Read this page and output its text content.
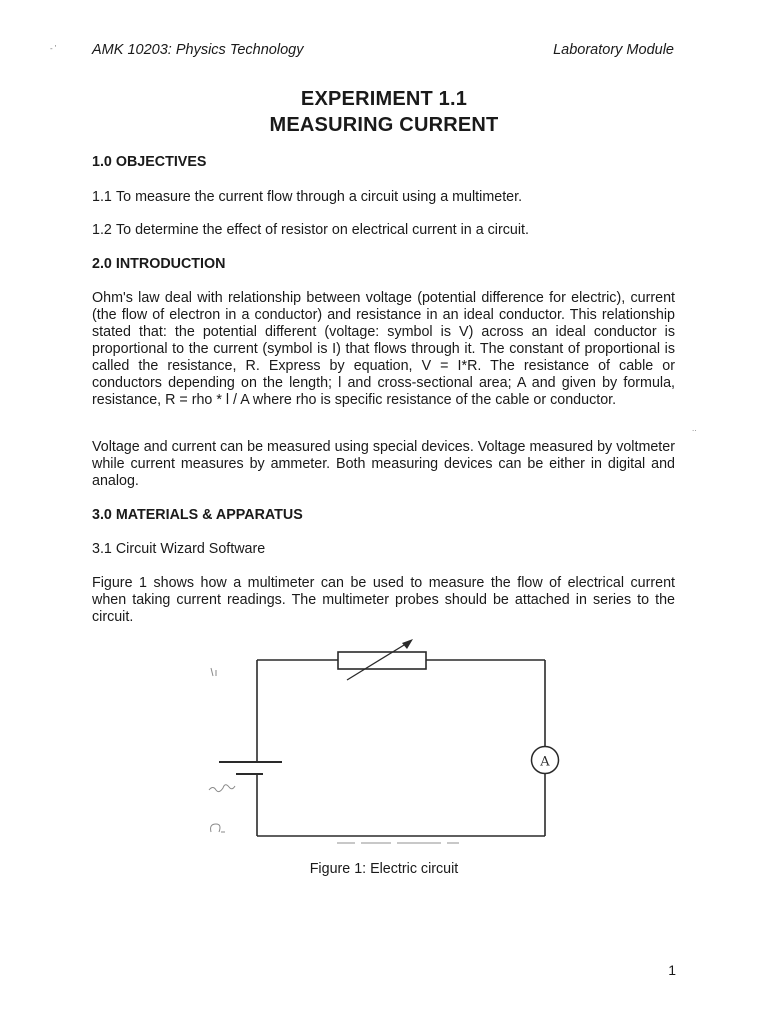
- '
..
AMK 10203: Physics Technology	Laboratory Module
EXPERIMENT 1.1
MEASURING CURRENT
1.0 OBJECTIVES
1.1 To measure the current flow through a circuit using a multimeter.
1.2 To determine the effect of resistor on electrical current in a circuit.
2.0 INTRODUCTION
Ohm's law deal with relationship between voltage (potential difference for electric), current (the flow of electron in a conductor) and resistance in an ideal conductor. This relationship stated that: the potential different (voltage: symbol is V) across an ideal conductor is proportional to the current (symbol is I) that flows through it. The constant of proportional is called the resistance, R. Express by equation, V = I*R. The resistance of cable or conductors depending on the length; l and cross-sectional area; A and given by formula, resistance, R = rho * l / A where rho is specific resistance of the cable or conductor.
Voltage and current can be measured using special devices. Voltage measured by voltmeter while current measures by ammeter. Both measuring devices can be either in digital and analog.
3.0 MATERIALS & APPARATUS
3.1 Circuit Wizard Software
Figure 1 shows how a multimeter can be used to measure the flow of electrical current when taking current readings. The multimeter probes should be attached in series to the circuit.
A
Figure 1: Electric circuit
1
